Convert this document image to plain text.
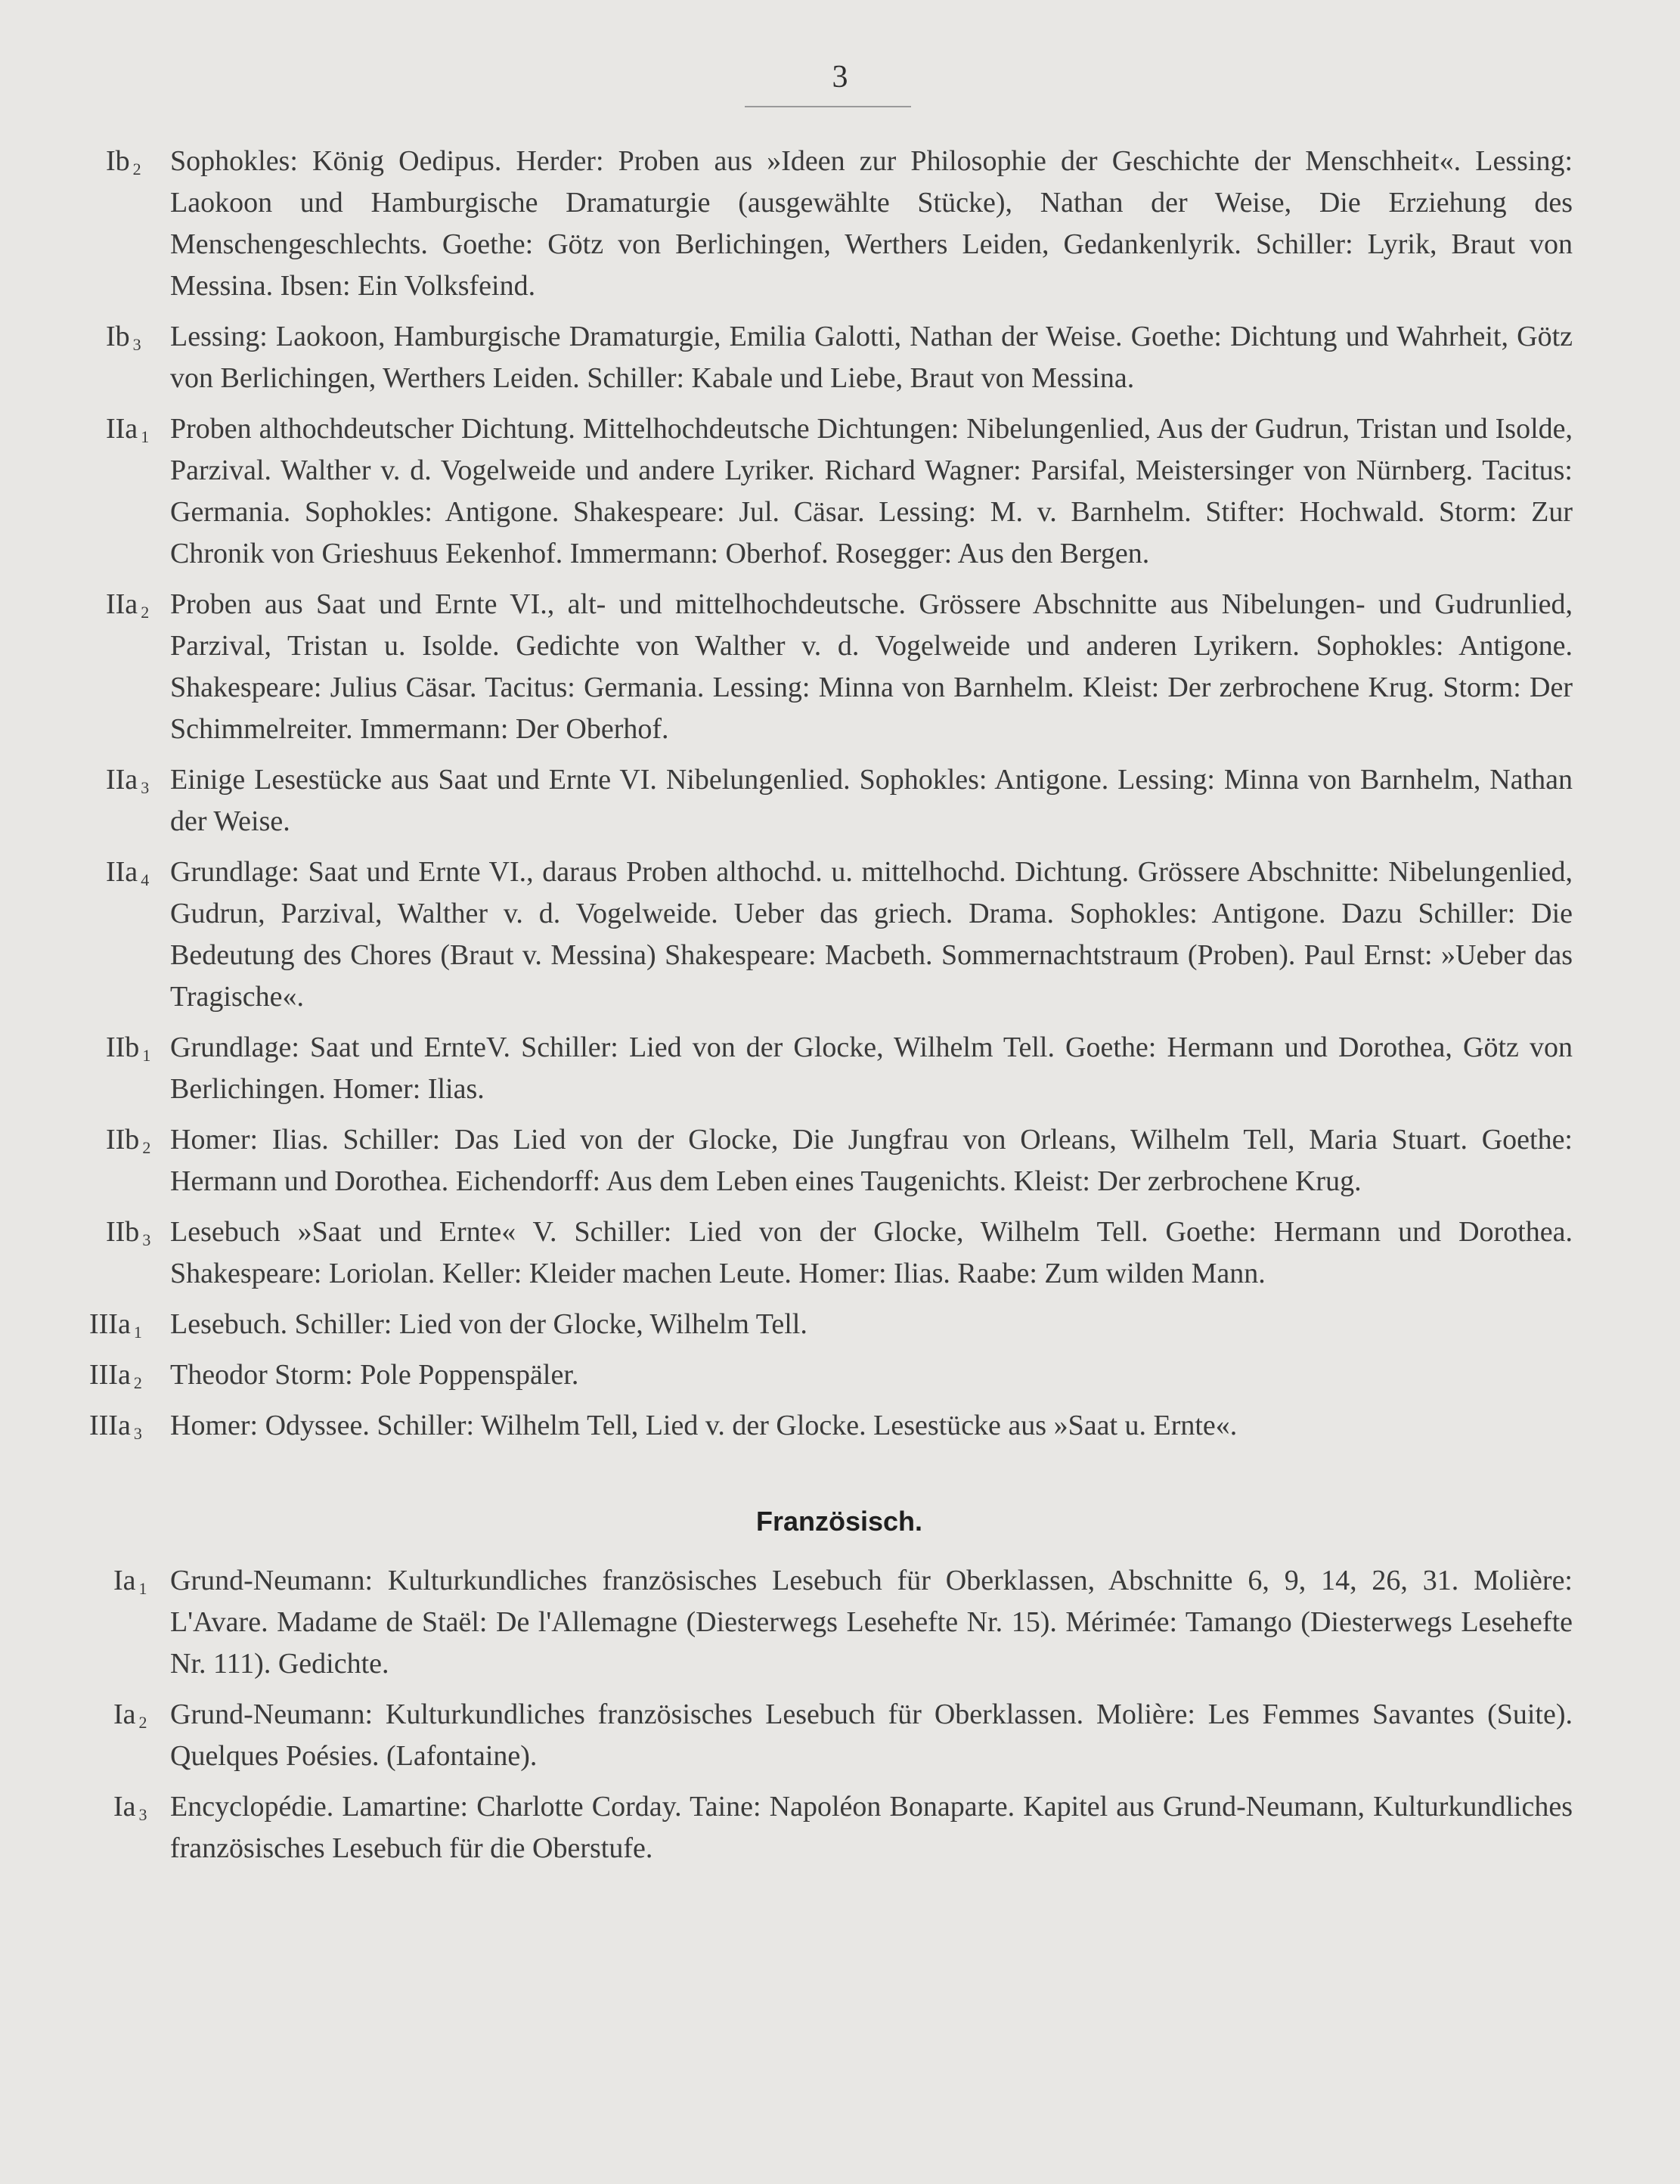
3
Ib $_2$ Sophokles: König Oedipus. Herder: Proben aus »Ideen zur Philosophie der Geschichte der Menschheit«. Lessing: Laokoon und Hamburgische Dramaturgie (ausgewählte Stücke), Nathan der Weise, Die Erziehung des Menschengeschlechts. Goethe: Götz von Berlichingen, Werthers Leiden, Gedankenlyrik. Schiller: Lyrik, Braut von Messina. Ibsen: Ein Volksfeind.
Ib $_3$ Lessing: Laokoon, Hamburgische Dramaturgie, Emilia Galotti, Nathan der Weise. Goethe: Dichtung und Wahrheit, Götz von Berlichingen, Werthers Leiden. Schiller: Kabale und Liebe, Braut von Messina.
IIa $_1$ Proben althochdeutscher Dichtung. Mittelhochdeutsche Dichtungen: Nibelungenlied, Aus der Gudrun, Tristan und Isolde, Parzival. Walther v. d. Vogelweide und andere Lyriker. Richard Wagner: Parsifal, Meistersinger von Nürnberg. Tacitus: Germania. Sophokles: Antigone. Shakespeare: Jul. Cäsar. Lessing: M. v. Barnhelm. Stifter: Hochwald. Storm: Zur Chronik von Grieshuus Eekenhof. Immermann: Oberhof. Rosegger: Aus den Bergen.
IIa $_2$ Proben aus Saat und Ernte VI., alt- und mittelhochdeutsche. Grössere Abschnitte aus Nibelungen- und Gudrunlied, Parzival, Tristan u. Isolde. Gedichte von Walther v. d. Vogelweide und anderen Lyrikern. Sophokles: Antigone. Shakespeare: Julius Cäsar. Tacitus: Germania. Lessing: Minna von Barnhelm. Kleist: Der zerbrochene Krug. Storm: Der Schimmelreiter. Immermann: Der Oberhof.
IIa $_3$ Einige Lesestücke aus Saat und Ernte VI. Nibelungenlied. Sophokles: Antigone. Lessing: Minna von Barnhelm, Nathan der Weise.
IIa $_4$ Grundlage: Saat und Ernte VI., daraus Proben althochd. u. mittelhochd. Dichtung. Grössere Abschnitte: Nibelungenlied, Gudrun, Parzival, Walther v. d. Vogelweide. Ueber das griech. Drama. Sophokles: Antigone. Dazu Schiller: Die Bedeutung des Chores (Braut v. Messina) Shakespeare: Macbeth. Sommernachtstraum (Proben). Paul Ernst: »Ueber das Tragische«.
IIb $_1$ Grundlage: Saat und ErnteV. Schiller: Lied von der Glocke, Wilhelm Tell. Goethe: Hermann und Dorothea, Götz von Berlichingen. Homer: Ilias.
IIb $_2$ Homer: Ilias. Schiller: Das Lied von der Glocke, Die Jungfrau von Orleans, Wilhelm Tell, Maria Stuart. Goethe: Hermann und Dorothea. Eichendorff: Aus dem Leben eines Taugenichts. Kleist: Der zerbrochene Krug.
IIb $_3$ Lesebuch »Saat und Ernte« V. Schiller: Lied von der Glocke, Wilhelm Tell. Goethe: Hermann und Dorothea. Shakespeare: Loriolan. Keller: Kleider machen Leute. Homer: Ilias. Raabe: Zum wilden Mann.
IIIa $_1$ Lesebuch. Schiller: Lied von der Glocke, Wilhelm Tell.
IIIa $_2$ Theodor Storm: Pole Poppenspäler.
IIIa $_3$ Homer: Odyssee. Schiller: Wilhelm Tell, Lied v. der Glocke. Lesestücke aus »Saat u. Ernte«.
Französisch.
Ia $_1$ Grund-Neumann: Kulturkundliches französisches Lesebuch für Oberklassen, Abschnitte 6, 9, 14, 26, 31. Molière: L'Avare. Madame de Staël: De l'Allemagne (Diesterwegs Lesehefte Nr. 15). Mérimée: Tamango (Diesterwegs Lesehefte Nr. 111). Gedichte.
Ia $_2$ Grund-Neumann: Kulturkundliches französisches Lesebuch für Oberklassen. Molière: Les Femmes Savantes (Suite). Quelques Poésies. (Lafontaine).
Ia $_3$ Encyclopédie. Lamartine: Charlotte Corday. Taine: Napoléon Bonaparte. Kapitel aus Grund-Neumann, Kulturkundliches französisches Lesebuch für die Oberstufe.
